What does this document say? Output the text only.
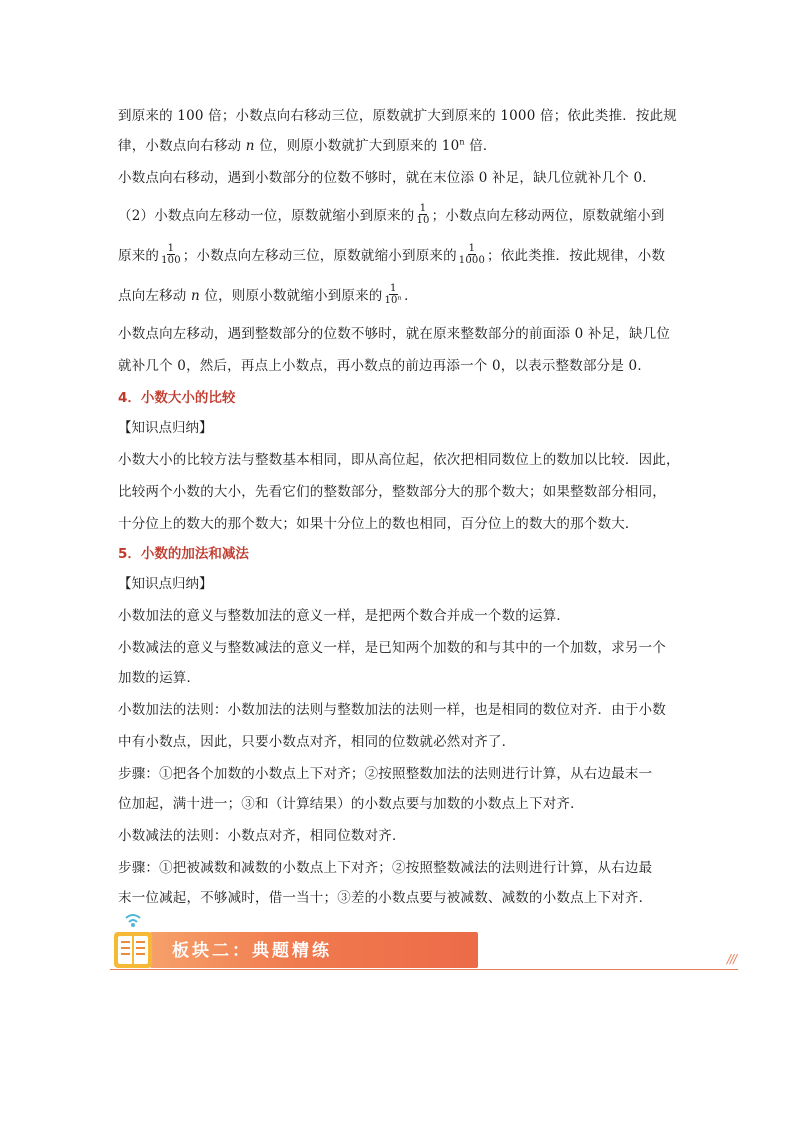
到原来的 100 倍；小数点向右移动三位，原数就扩大到原来的 1000 倍；依此类推．按此规
律，小数点向右移动 n 位，则原小数就扩大到原来的 10$^n$ 倍．
小数点向右移动，遇到小数部分的位数不够时，就在末位添 0 补足，缺几位就补几个 0．
（2）小数点向左移动一位，原数就缩小到原来的 $\frac{1}{10}$ ；小数点向左移动两位，原数就缩小到
原来的 $\frac{1}{100}$ ；小数点向左移动三位，原数就缩小到原来的 $\frac{1}{1000}$ ；依此类推．按此规律，小数
点向左移动 n 位，则原小数就缩小到原来的 $\frac{1}{\text{10ⁿ}}$ ．
小数点向左移动，遇到整数部分的位数不够时，就在原来整数部分的前面添 0 补足，缺几位
就补几个 0，然后，再点上小数点，再小数点的前边再添一个 0，以表示整数部分是 0．
4．小数大小的比较
【知识点归纳】
小数大小的比较方法与整数基本相同，即从高位起，依次把相同数位上的数加以比较．因此，
比较两个小数的大小，先看它们的整数部分，整数部分大的那个数大；如果整数部分相同，
十分位上的数大的那个数大；如果十分位上的数也相同，百分位上的数大的那个数大．
5．小数的加法和减法
【知识点归纳】
小数加法的意义与整数加法的意义一样，是把两个数合并成一个数的运算．
小数减法的意义与整数减法的意义一样，是已知两个加数的和与其中的一个加数，求另一个
加数的运算．
小数加法的法则：小数加法的法则与整数加法的法则一样，也是相同的数位对齐．由于小数
中有小数点，因此，只要小数点对齐，相同的位数就必然对齐了．
步骤：①把各个加数的小数点上下对齐；②按照整数加法的法则进行计算，从右边最末一
位加起，满十进一；③和（计算结果）的小数点要与加数的小数点上下对齐．
小数减法的法则：小数点对齐，相同位数对齐．
步骤：①把被减数和减数的小数点上下对齐；②按照整数减法的法则进行计算，从右边最
末一位减起，不够减时，借一当十；③差的小数点要与被减数、减数的小数点上下对齐．
板块二：典题精练	///
